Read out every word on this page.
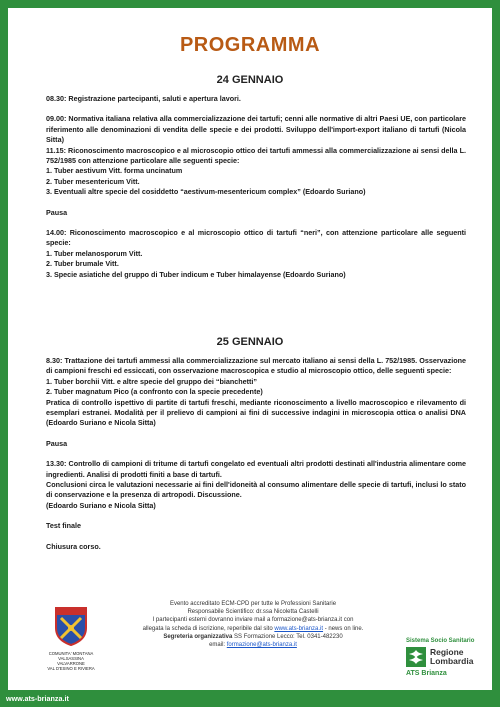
PROGRAMMA
24 GENNAIO

08.30: Registrazione partecipanti, saluti e apertura lavori.

09.00: Normativa italiana relativa alla commercializzazione dei tartufi; cenni alle normative di altri Paesi UE, con particolare riferimento alle denominazioni di vendita delle specie e dei prodotti. Sviluppo dell'import-export italiano di tartufi (Nicola Sitta)

11.15: Riconoscimento macroscopico e al microscopio ottico dei tartufi ammessi alla commercializzazione ai sensi della L. 752/1985 con attenzione particolare alle seguenti specie:

1. Tuber aestivum Vitt. forma uncinatum

2. Tuber mesentericum Vitt.

3. Eventuali altre specie del cosiddetto “aestivum-mesentericum complex” (Edoardo Suriano)

Pausa

14.00: Riconoscimento macroscopico e al microscopio ottico di tartufi “neri”, con attenzione particolare alle seguenti specie:

1. Tuber melanosporum Vitt.

2. Tuber brumale Vitt.

3. Specie asiatiche del gruppo di Tuber indicum e Tuber himalayense (Edoardo Suriano)

25 GENNAIO

8.30: Trattazione dei tartufi ammessi alla commercializzazione sul mercato italiano ai sensi della L. 752/1985. Osservazione di campioni freschi ed essiccati, con osservazione macroscopica e studio al microscopio ottico, delle seguenti specie:

1. Tuber borchii Vitt. e altre specie del gruppo dei “bianchetti”

2. Tuber magnatum Pico (a confronto con la specie precedente)

Pratica di controllo ispettivo di partite di tartufi freschi, mediante riconoscimento a livello macroscopico e rilevamento di esemplari estranei. Modalità per il prelievo di campioni ai fini di successive indagini in microscopia ottica o analisi DNA (Edoardo Suriano e Nicola Sitta)

Pausa

13.30: Controllo di campioni di tritume di tartufi congelato ed eventuali altri prodotti destinati all'industria alimentare come ingredienti. Analisi di prodotti finiti a base di tartufi.

Conclusioni circa le valutazioni necessarie ai fini dell'idoneità al consumo alimentare delle specie di tartufi, inclusi lo stato di conservazione e la presenza di artropodi. Discussione.

(Edoardo Suriano e Nicola Sitta)

Test finale

Chiusura corso.

COMUNITA' MONTANA
VALSASSINA VALVARRONE
VAL D'ESINO E RIVIERA
Evento accreditato ECM-CPD per tutte le Professioni Sanitarie
Responsabile Scientifico: dr.ssa Nicoletta Castelli
I partecipanti esterni dovranno inviare mail a formazione@ats-brianza.it con
allegata la scheda di iscrizione, reperibile dal sito www.ats-brianza.it - news on line.
Segreteria organizzativa SS Formazione Lecco: Tel. 0341-482230
email: formazione@ats-brianza.it
Sistema Socio Sanitario
Regione
Lombardia
ATS Brianza
www.ats-brianza.it
